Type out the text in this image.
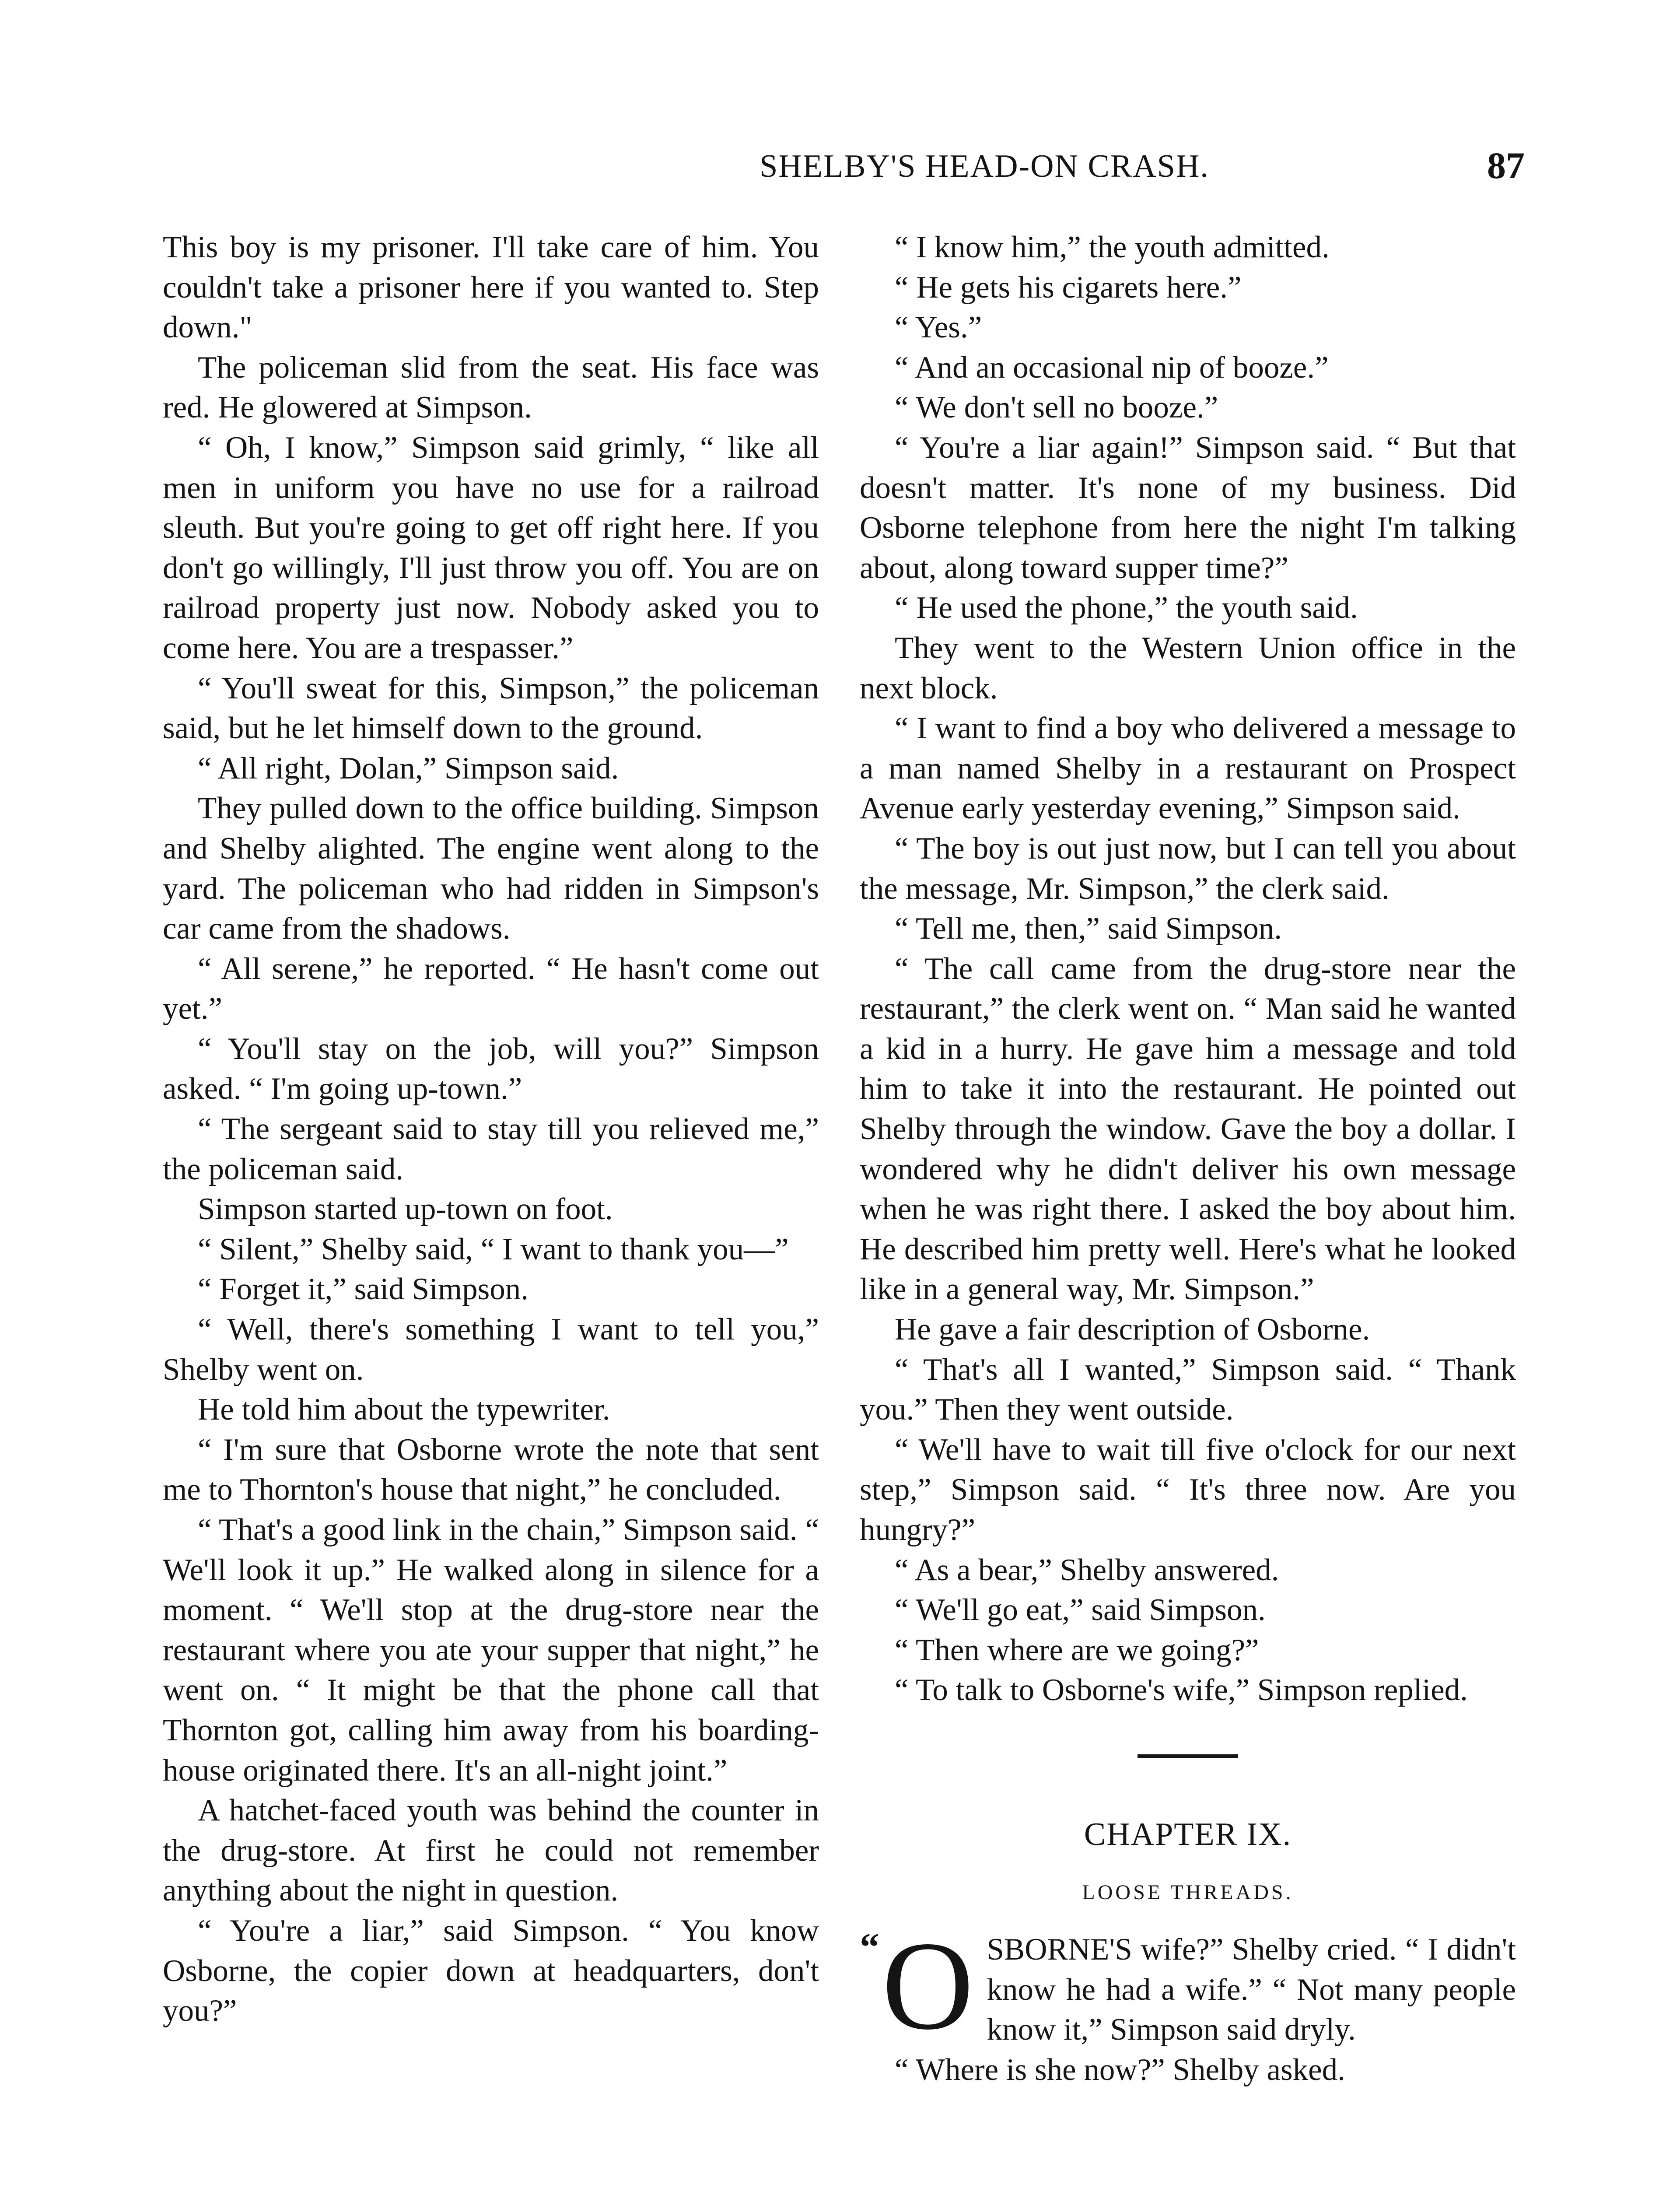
SHELBY'S HEAD-ON CRASH.	87

This boy is my prisoner. I'll take care of him. You couldn't take a prisoner here if you wanted to. Step down."

The policeman slid from the seat. His face was red. He glowered at Simpson.

“ Oh, I know,” Simpson said grimly, “ like all men in uniform you have no use for a railroad sleuth. But you're going to get off right here. If you don't go willingly, I'll just throw you off. You are on railroad property just now. Nobody asked you to come here. You are a trespasser.”

“ You'll sweat for this, Simpson,” the policeman said, but he let himself down to the ground.

“ All right, Dolan,” Simpson said.

They pulled down to the office building. Simpson and Shelby alighted. The engine went along to the yard. The policeman who had ridden in Simpson's car came from the shadows.

“ All serene,” he reported. “ He hasn't come out yet.”

“ You'll stay on the job, will you?” Simpson asked. “ I'm going up-town.”

“ The sergeant said to stay till you relieved me,” the policeman said.

Simpson started up-town on foot.

“ Silent,” Shelby said, “ I want to thank you—”

“ Forget it,” said Simpson.

“ Well, there's something I want to tell you,” Shelby went on.

He told him about the typewriter.

“ I'm sure that Osborne wrote the note that sent me to Thornton's house that night,” he concluded.

“ That's a good link in the chain,” Simpson said. “ We'll look it up.” He walked along in silence for a moment. “ We'll stop at the drug-store near the restaurant where you ate your supper that night,” he went on. “ It might be that the phone call that Thornton got, calling him away from his boarding-house originated there. It's an all-night joint.”

A hatchet-faced youth was behind the counter in the drug-store. At first he could not remember anything about the night in question.

“ You're a liar,” said Simpson. “ You know Osborne, the copier down at headquarters, don't you?”

“ I know him,” the youth admitted.

“ He gets his cigarets here.”

“ Yes.”

“ And an occasional nip of booze.”

“ We don't sell no booze.”

“ You're a liar again!” Simpson said. “ But that doesn't matter. It's none of my business. Did Osborne telephone from here the night I'm talking about, along toward supper time?”

“ He used the phone,” the youth said.

They went to the Western Union office in the next block.

“ I want to find a boy who delivered a message to a man named Shelby in a restaurant on Prospect Avenue early yesterday evening,” Simpson said.

“ The boy is out just now, but I can tell you about the message, Mr. Simpson,” the clerk said.

“ Tell me, then,” said Simpson.

“ The call came from the drug-store near the restaurant,” the clerk went on. “ Man said he wanted a kid in a hurry. He gave him a message and told him to take it into the restaurant. He pointed out Shelby through the window. Gave the boy a dollar. I wondered why he didn't deliver his own message when he was right there. I asked the boy about him. He described him pretty well. Here's what he looked like in a general way, Mr. Simpson.”

He gave a fair description of Osborne.

“ That's all I wanted,” Simpson said. “ Thank you.” Then they went outside.

“ We'll have to wait till five o'clock for our next step,” Simpson said. “ It's three now. Are you hungry?”

“ As a bear,” Shelby answered.

“ We'll go eat,” said Simpson.

“ Then where are we going?”

“ To talk to Osborne's wife,” Simpson replied.

CHAPTER IX.
LOOSE THREADS.
“ O SBORNE'S wife?” Shelby cried. “ I didn't know he had a wife.” “ Not many people know it,” Simpson said dryly.

“ Where is she now?” Shelby asked.
